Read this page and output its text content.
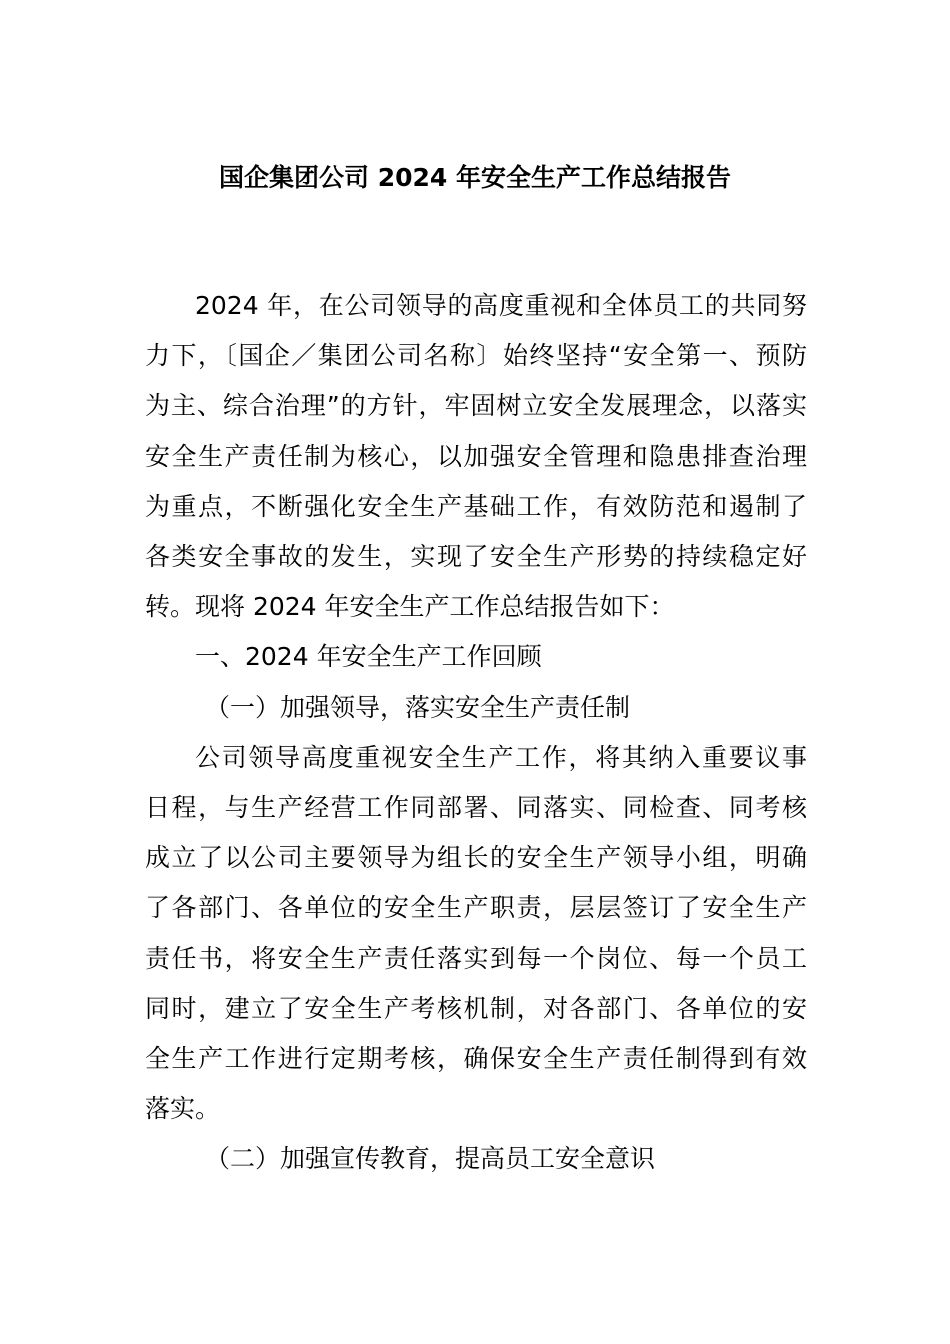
国企集团公司 2024 年安全生产工作总结报告

2024 年，在公司领导的高度重视和全体员工的共同努
力下，〔国企／集团公司名称〕始终坚持“安全第一、预防
为主、综合治理”的方针，牢固树立安全发展理念，以落实
安全生产责任制为核心，以加强安全管理和隐患排查治理
为重点，不断强化安全生产基础工作，有效防范和遏制了
各类安全事故的发生，实现了安全生产形势的持续稳定好
转。现将 2024 年安全生产工作总结报告如下：

一、2024 年安全生产工作回顾

（一）加强领导，落实安全生产责任制

公司领导高度重视安全生产工作，将其纳入重要议事
日程，与生产经营工作同部署、同落实、同检查、同考核
成立了以公司主要领导为组长的安全生产领导小组，明确
了各部门、各单位的安全生产职责，层层签订了安全生产
责任书，将安全生产责任落实到每一个岗位、每一个员工
同时，建立了安全生产考核机制，对各部门、各单位的安
全生产工作进行定期考核，确保安全生产责任制得到有效
落实。

（二）加强宣传教育，提高员工安全意识
